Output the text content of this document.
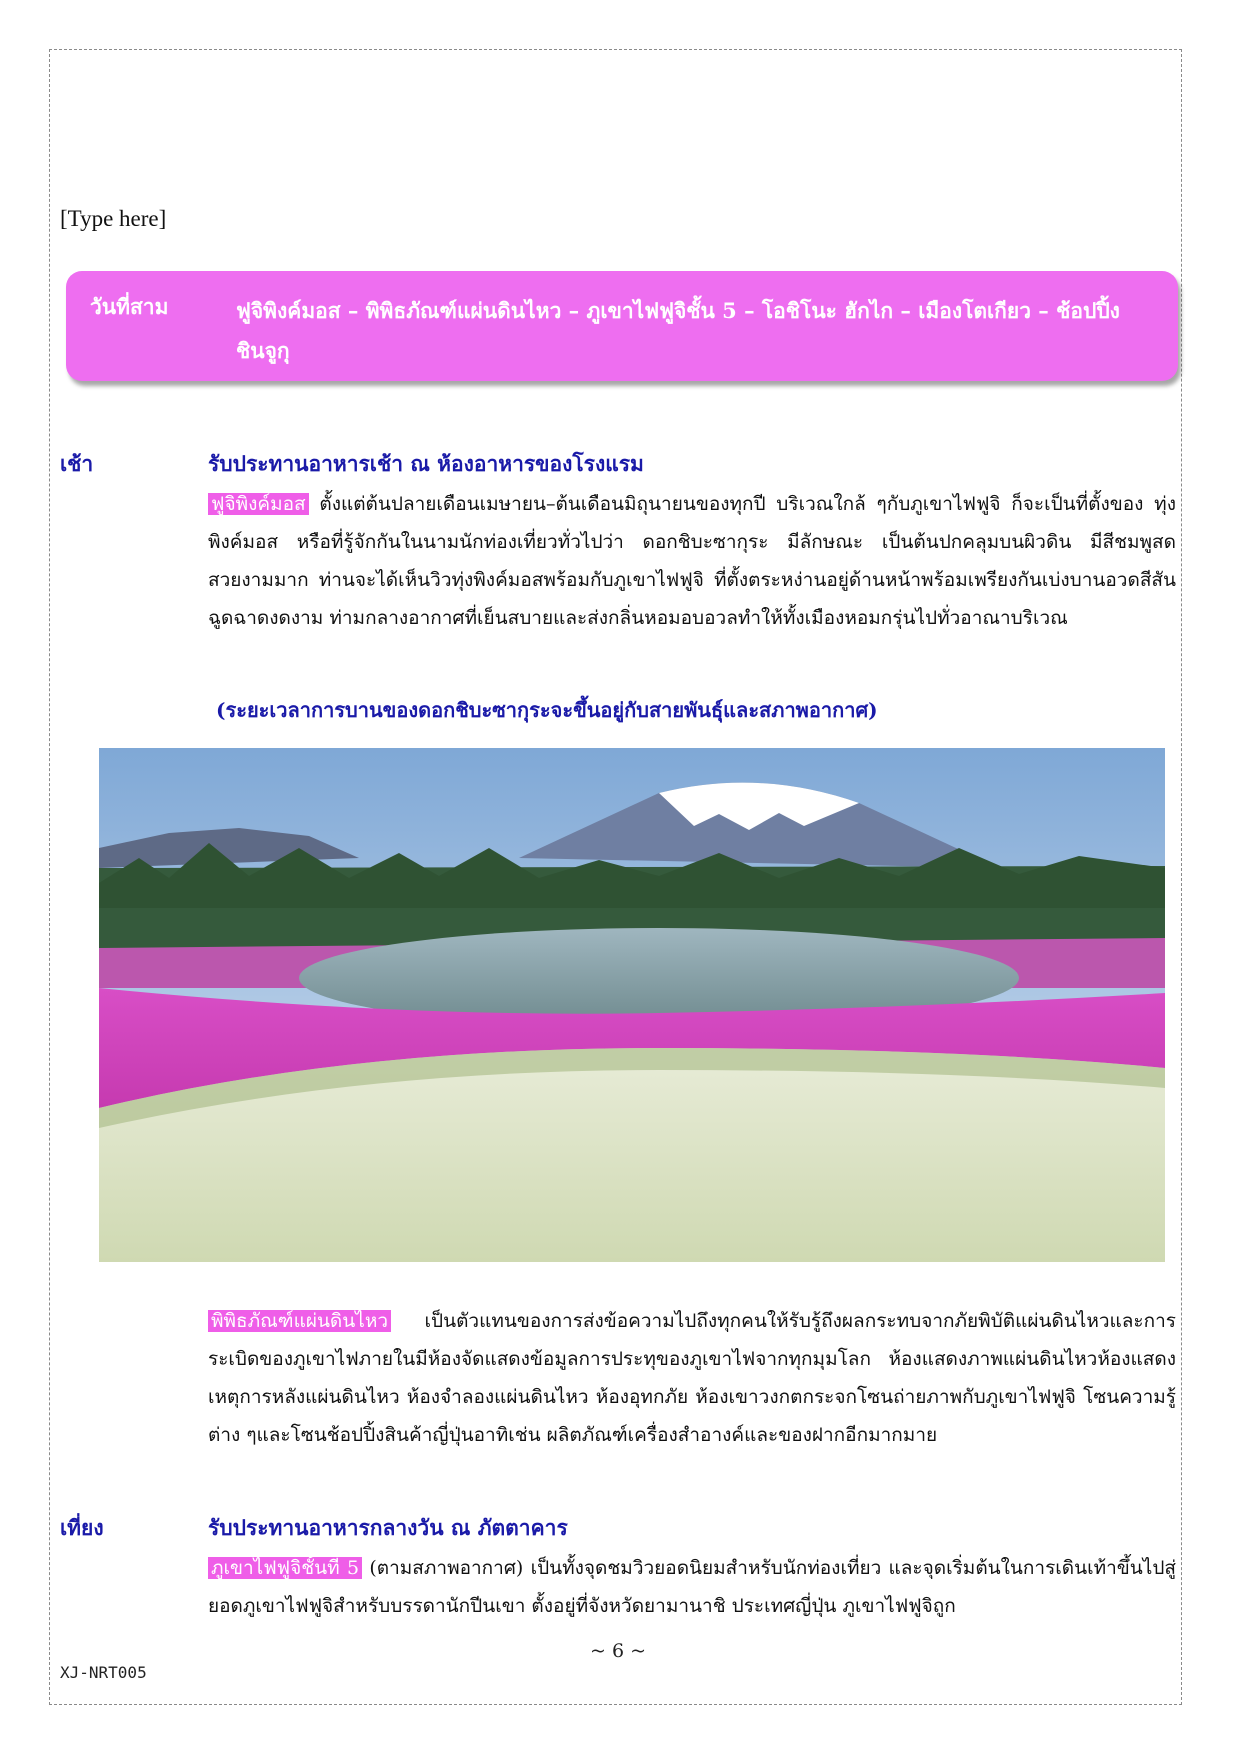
[Type here]
วันที่สาม	ฟูจิพิงค์มอส – พิพิธภัณฑ์แผ่นดินไหว – ภูเขาไฟฟูจิชั้น 5 – โอชิโนะ ฮักไก – เมืองโตเกียว – ช้อปปิ้งชินจูกุ
เช้า	รับประทานอาหารเช้า ณ ห้องอาหารของโรงแรม
ฟูจิพิงค์มอส ตั้งแต่ต้นปลายเดือนเมษายน–ต้นเดือนมิถุนายนของทุกปี บริเวณใกล้ ๆกับภูเขาไฟฟูจิ ก็จะเป็นที่ตั้งของ ทุ่งพิงค์มอส หรือที่รู้จักกันในนามนักท่องเที่ยวทั่วไปว่า ดอกชิบะซากุระ มีลักษณะ เป็นต้นปกคลุมบนผิวดิน มีสีชมพูสด สวยงามมาก ท่านจะได้เห็นวิวทุ่งพิงค์มอสพร้อมกับภูเขาไฟฟูจิ ที่ตั้งตระหง่านอยู่ด้านหน้าพร้อมเพรียงกันเบ่งบานอวดสีสันฉูดฉาดงดงาม ท่ามกลางอากาศที่เย็นสบายและส่งกลิ่นหอมอบอวลทำให้ทั้งเมืองหอมกรุ่นไปทั่วอาณาบริเวณ
(ระยะเวลาการบานของดอกชิบะซากุระจะขึ้นอยู่กับสายพันธุ์และสภาพอากาศ)
พิพิธภัณฑ์แผ่นดินไหว เป็นตัวแทนของการส่งข้อความไปถึงทุกคนให้รับรู้ถึงผลกระทบจากภัยพิบัติแผ่นดินไหวและการระเบิดของภูเขาไฟภายในมีห้องจัดแสดงข้อมูลการประทุของภูเขาไฟจากทุกมุมโลก ห้องแสดงภาพแผ่นดินไหวห้องแสดงเหตุการหลังแผ่นดินไหว ห้องจำลองแผ่นดินไหว ห้องอุทกภัย ห้องเขาวงกตกระจกโซนถ่ายภาพกับภูเขาไฟฟูจิ โซนความรู้ต่าง ๆและโซนช้อปปิ้งสินค้าญี่ปุ่นอาทิเช่น ผลิตภัณฑ์เครื่องสำอางค์และของฝากอีกมากมาย
เที่ยง	รับประทานอาหารกลางวัน ณ ภัตตาคาร
ภูเขาไฟฟูจิชั้นที่ 5 (ตามสภาพอากาศ) เป็นทั้งจุดชมวิวยอดนิยมสำหรับนักท่องเที่ยว และจุดเริ่มต้นในการเดินเท้าขึ้นไปสู่ยอดภูเขาไฟฟูจิสำหรับบรรดานักปีนเขา ตั้งอยู่ที่จังหวัดยามานาชิ ประเทศญี่ปุ่น ภูเขาไฟฟูจิถูก
~ 6 ~
XJ-NRT005
